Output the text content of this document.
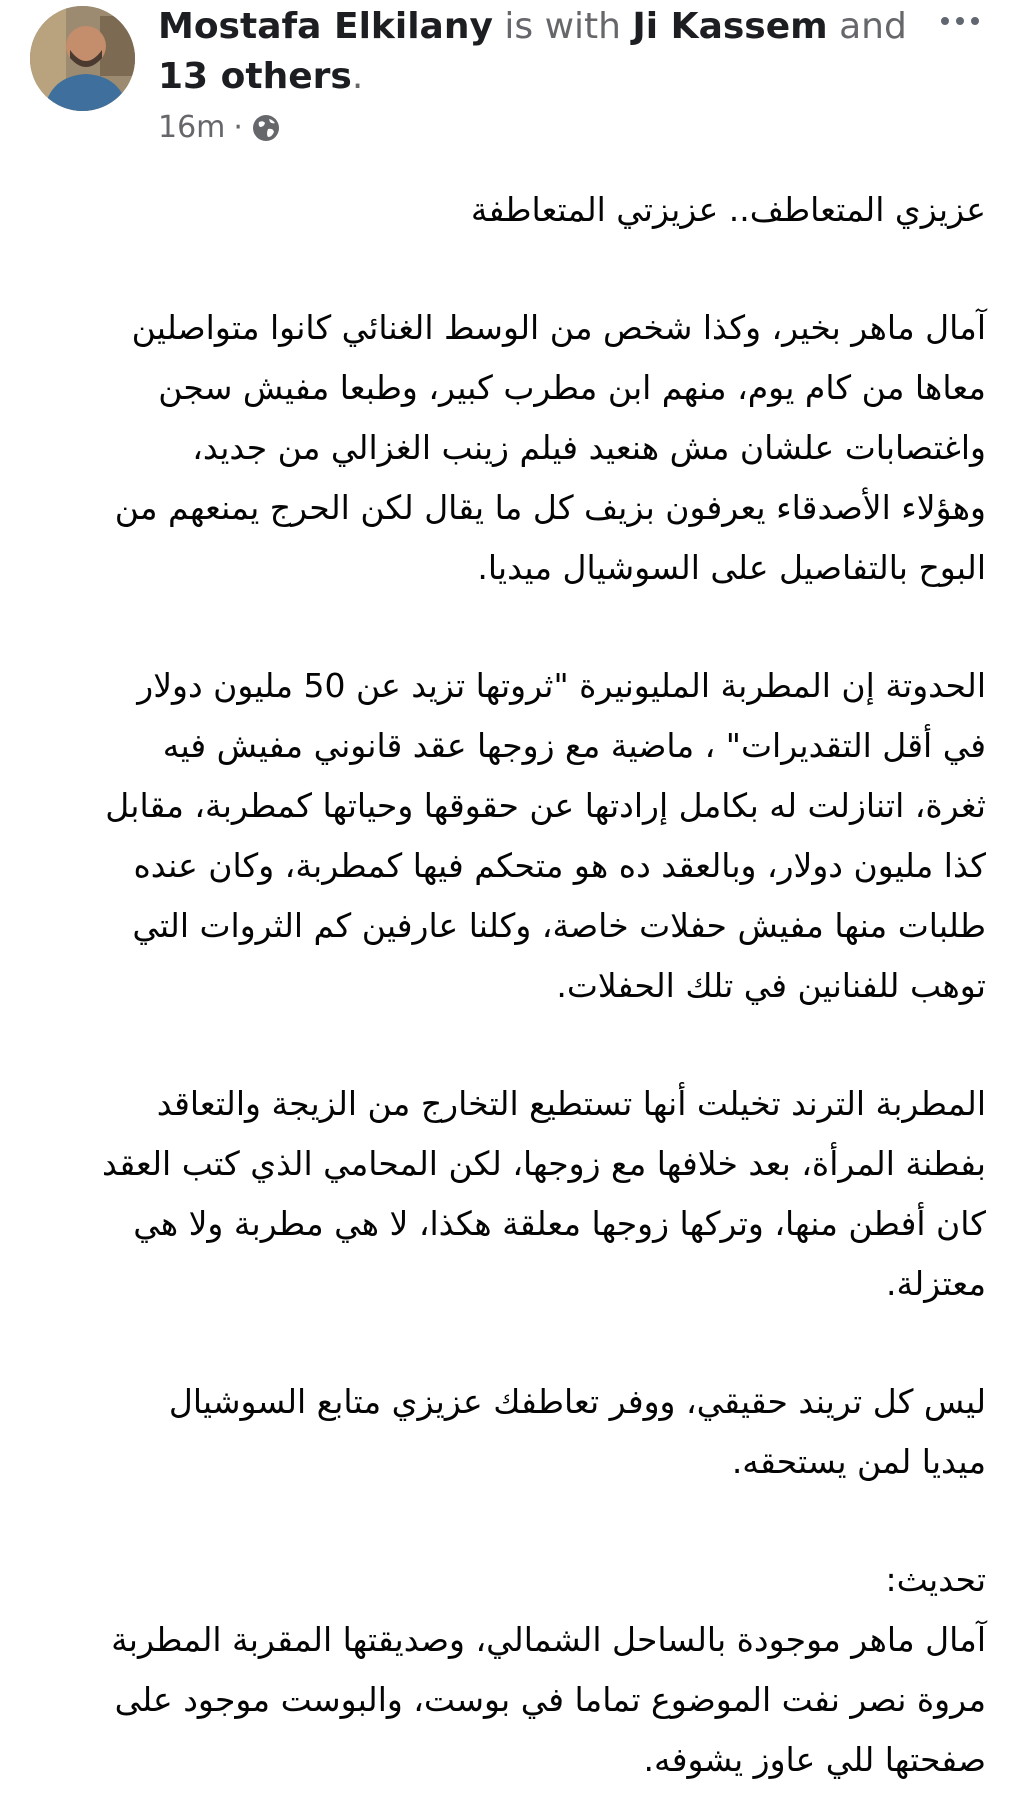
Mostafa Elkilany is with Ji Kassem and
13 others.
16m ·

عزيزي المتعاطف.. عزيزتي المتعاطفة

آمال ماهر بخير، وكذا شخص من الوسط الغنائي كانوا متواصلين

معاها من كام يوم، منهم ابن مطرب كبير، وطبعا مفيش سجن

واغتصابات علشان مش هنعيد فيلم زينب الغزالي من جديد،

وهؤلاء الأصدقاء يعرفون بزيف كل ما يقال لكن الحرج يمنعهم من

البوح بالتفاصيل على السوشيال ميديا.

الحدوتة إن المطربة المليونيرة "ثروتها تزيد عن 50 مليون دولار

في أقل التقديرات" ، ماضية مع زوجها عقد قانوني مفيش فيه

ثغرة، اتنازلت له بكامل إرادتها عن حقوقها وحياتها كمطربة، مقابل

كذا مليون دولار، وبالعقد ده هو متحكم فيها كمطربة، وكان عنده

طلبات منها مفيش حفلات خاصة، وكلنا عارفين كم الثروات التي

توهب للفنانين في تلك الحفلات.

المطربة الترند تخيلت أنها تستطيع التخارج من الزيجة والتعاقد

بفطنة المرأة، بعد خلافها مع زوجها، لكن المحامي الذي كتب العقد

كان أفطن منها، وتركها زوجها معلقة هكذا، لا هي مطربة ولا هي

معتزلة.

ليس كل تريند حقيقي، ووفر تعاطفك عزيزي متابع السوشيال

ميديا لمن يستحقه.

تحديث:

آمال ماهر موجودة بالساحل الشمالي، وصديقتها المقربة المطربة

مروة نصر نفت الموضوع تماما في بوست، والبوست موجود على

صفحتها للي عاوز يشوفه.
